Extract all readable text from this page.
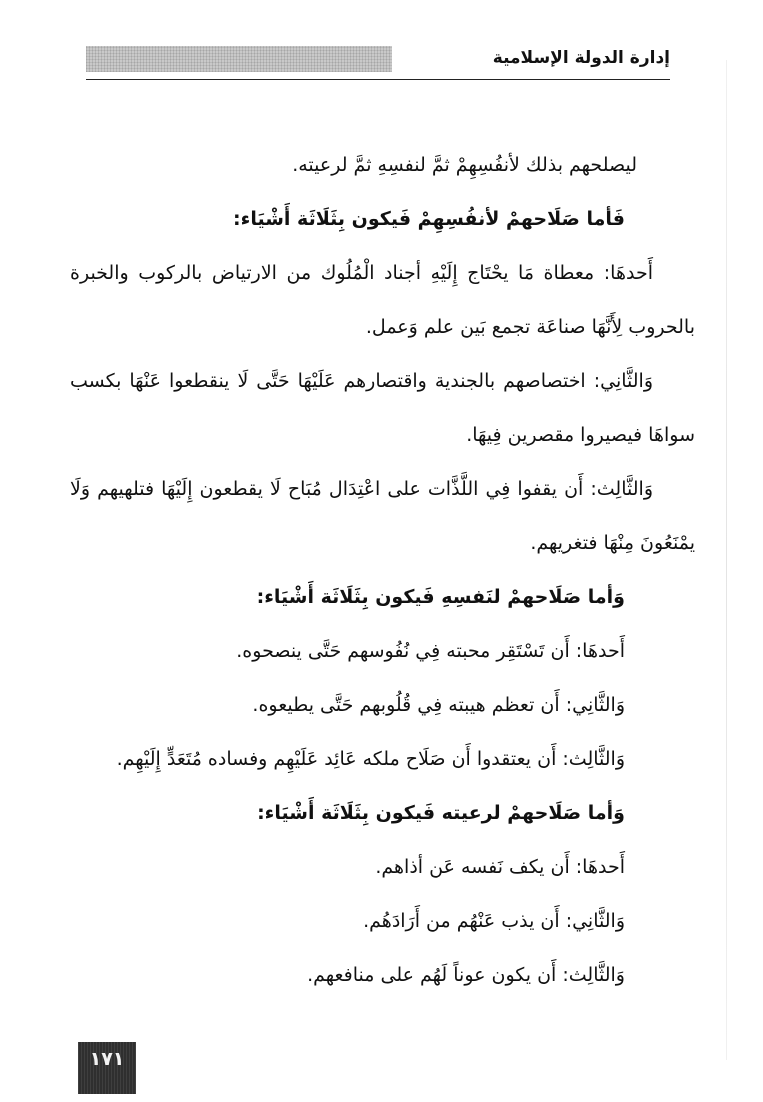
إدارة الدولة الإسلامية
ليصلحهم بذلك لأنفُسِهِمْ ثمَّ لنفسِهِ ثمَّ لرعيته.
فَأما صَلَاحهمْ لأنفُسِهِمْ فَيكون بِثَلَاثَة أَشْيَاء:
أَحدهَا: معطاة مَا يحْتَاج إِلَيْهِ أجناد الْمُلُوك من الارتياض بالركوب والخبرة
بالحروب لِأَنَّهَا صناعَة تجمع بَين علم وَعمل.
وَالثَّانِي: اختصاصهم بالجندية واقتصارهم عَلَيْهَا حَتَّى لَا ينقطعوا عَنْهَا بكسب
سواهَا فيصيروا مقصرين فِيهَا.
وَالثَّالِث: أَن يقفوا فِي اللَّذَّات على اعْتِدَال مُبَاح لَا يقطعون إِلَيْهَا فتلهيهم وَلَا
يمْنَعُونَ مِنْهَا فتغريهم.
وَأما صَلَاحهمْ لنَفسِهِ فَيكون بِثَلَاثَة أَشْيَاء:
أَحدهَا: أَن تَسْتَقِر محبته فِي نُفُوسهم حَتَّى ينصحوه.
وَالثَّانِي: أَن تعظم هيبته فِي قُلُوبهم حَتَّى يطيعوه.
وَالثَّالِث: أَن يعتقدوا أَن صَلَاح ملكه عَائِد عَلَيْهِم وفساده مُتَعَدٍّ إِلَيْهِم.
وَأما صَلَاحهمْ لرعيته فَيكون بِثَلَاثَة أَشْيَاء:
أَحدهَا: أَن يكف نَفسه عَن أذاهم.
وَالثَّانِي: أَن يذب عَنْهُم من أَرَادَهُم.
وَالثَّالِث: أَن يكون عوناً لَهُم على منافعهم.
١٧١
